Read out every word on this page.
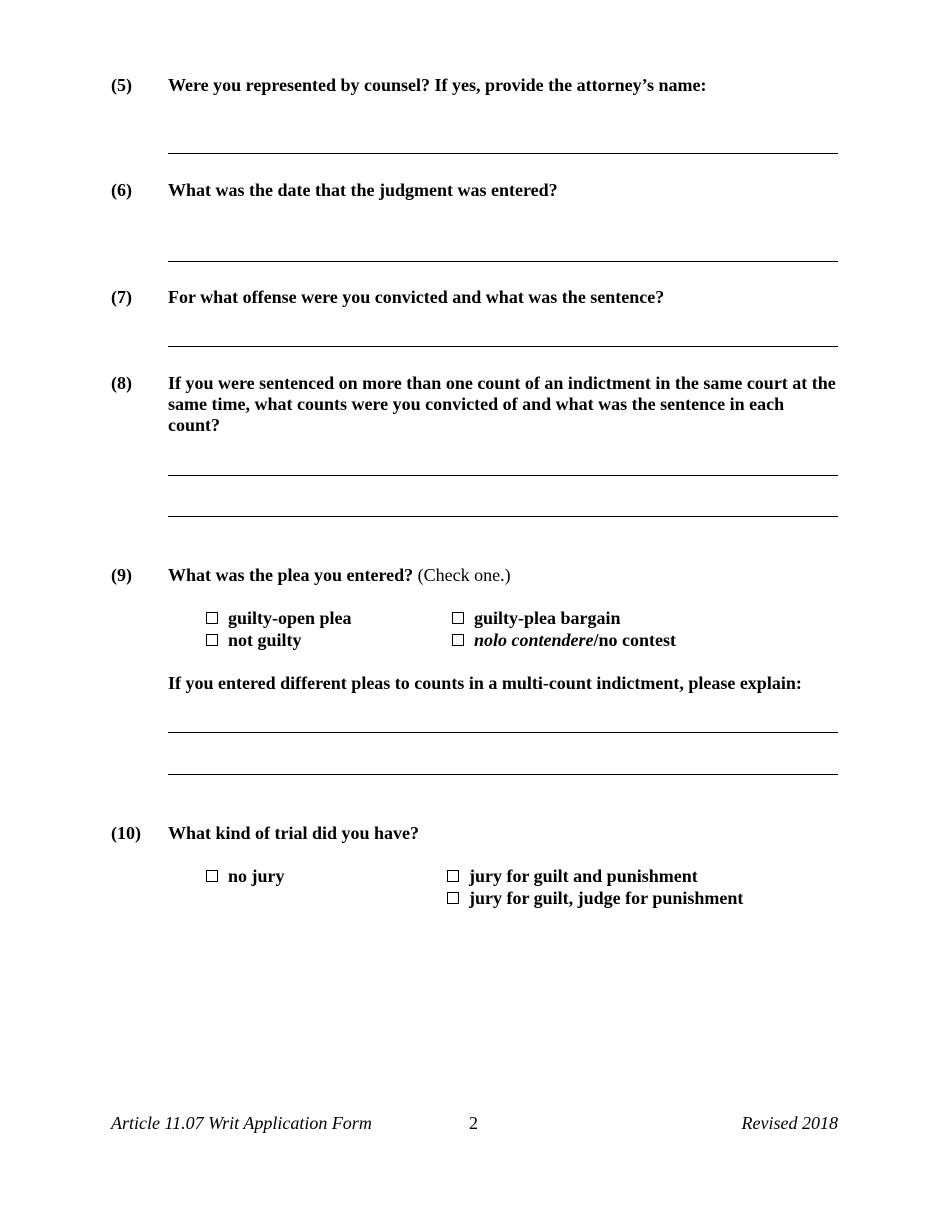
(5) Were you represented by counsel? If yes, provide the attorney’s name:
(6) What was the date that the judgment was entered?
(7) For what offense were you convicted and what was the sentence?
(8) If you were sentenced on more than one count of an indictment in the same court at the same time, what counts were you convicted of and what was the sentence in each count?
(9) What was the plea you entered? (Check one.)
guilty-open plea	guilty-plea bargain
not guilty	nolo contendere/no contest
If you entered different pleas to counts in a multi-count indictment, please explain:
(10) What kind of trial did you have?
no jury	jury for guilt and punishment
jury for guilt, judge for punishment
Article 11.07 Writ Application Form	2	Revised 2018
